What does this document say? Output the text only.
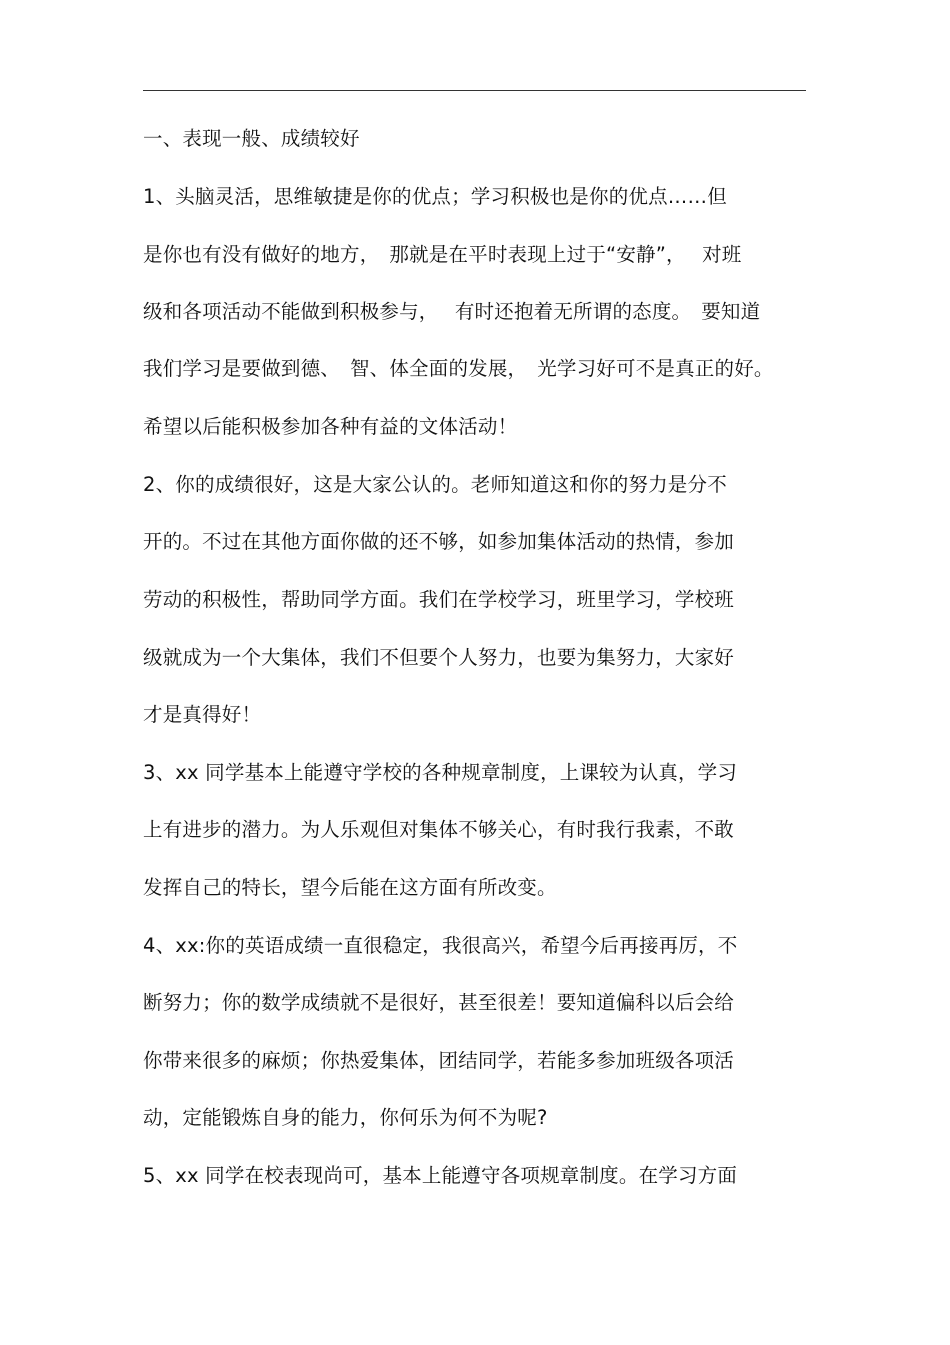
一、表现一般、成绩较好
1、头脑灵活，思维敏捷是你的优点；学习积极也是你的优点……但
是你也有没有做好的地方，　那就是在平时表现上过于“安静”，　 对班
级和各项活动不能做到积极参与，　 有时还抱着无所谓的态度。　要知道
我们学习是要做到德、　智、体全面的发展，　光学习好可不是真正的好。
希望以后能积极参加各种有益的文体活动！
2、你的成绩很好，这是大家公认的。老师知道这和你的努力是分不
开的。不过在其他方面你做的还不够，如参加集体活动的热情，参加
劳动的积极性，帮助同学方面。我们在学校学习，班里学习，学校班
级就成为一个大集体，我们不但要个人努力，也要为集努力，大家好
才是真得好！
3、xx 同学基本上能遵守学校的各种规章制度，上课较为认真，学习
上有进步的潜力。为人乐观但对集体不够关心，有时我行我素，不敢
发挥自己的特长，望今后能在这方面有所改变。
4、xx:你的英语成绩一直很稳定，我很高兴，希望今后再接再厉，不
断努力；你的数学成绩就不是很好，甚至很差！要知道偏科以后会给
你带来很多的麻烦；你热爱集体，团结同学，若能多参加班级各项活
动，定能锻炼自身的能力，你何乐为何不为呢?
5、xx 同学在校表现尚可，基本上能遵守各项规章制度。在学习方面
